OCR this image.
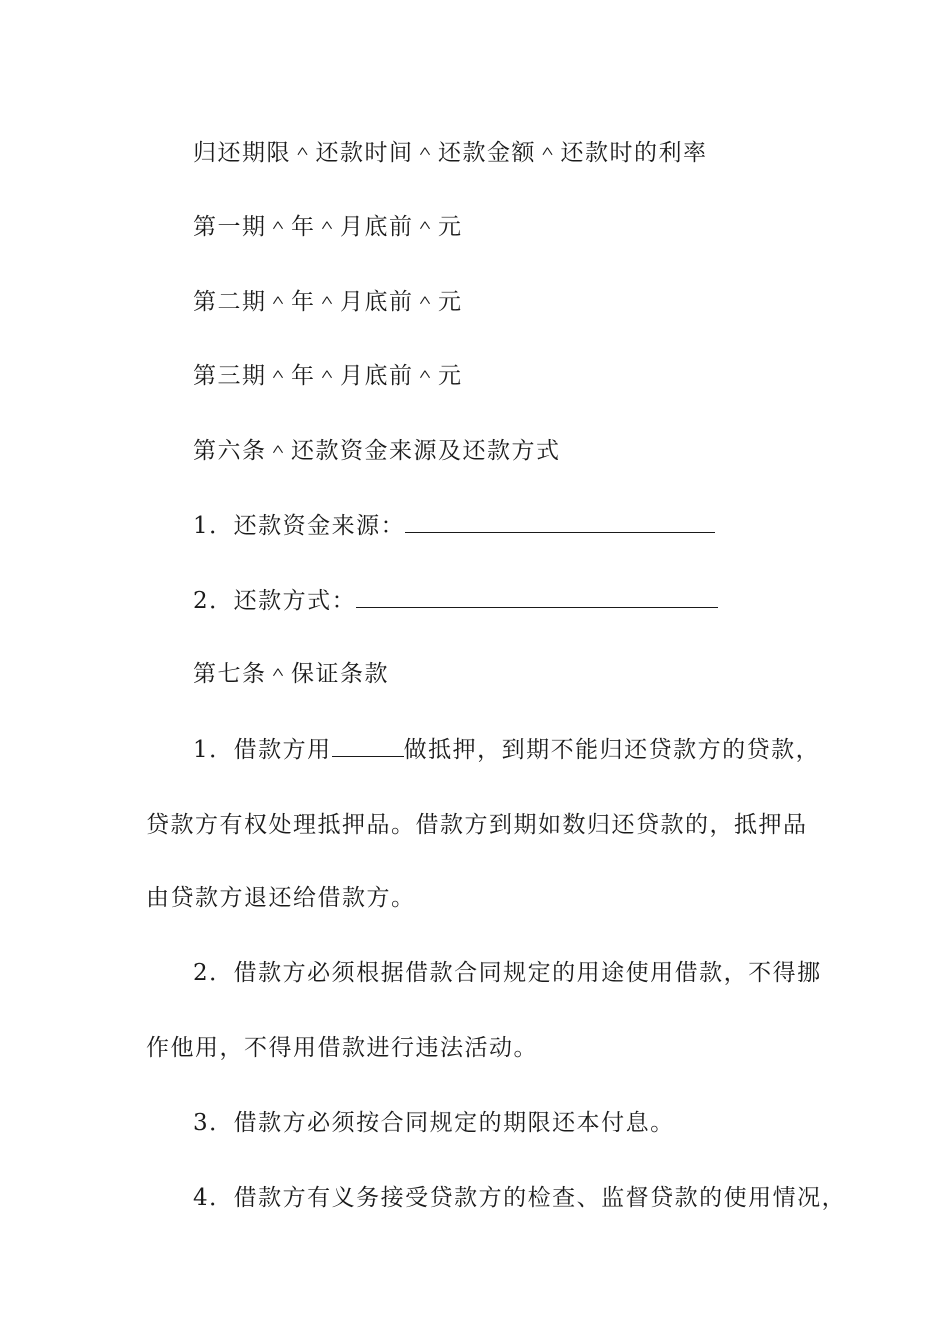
归还期限＾还款时间＾还款金额＾还款时的利率
第一期＾年＾月底前＾元
第二期＾年＾月底前＾元
第三期＾年＾月底前＾元
第六条＾还款资金来源及还款方式
1．还款资金来源：
2．还款方式：
第七条＾保证条款
1．借款方用	做抵押，到期不能归还贷款方的贷款，
贷款方有权处理抵押品。借款方到期如数归还贷款的，抵押品
由贷款方退还给借款方。
2．借款方必须根据借款合同规定的用途使用借款，不得挪
作他用，不得用借款进行违法活动。
3．借款方必须按合同规定的期限还本付息。
4．借款方有义务接受贷款方的检查、监督贷款的使用情况，
